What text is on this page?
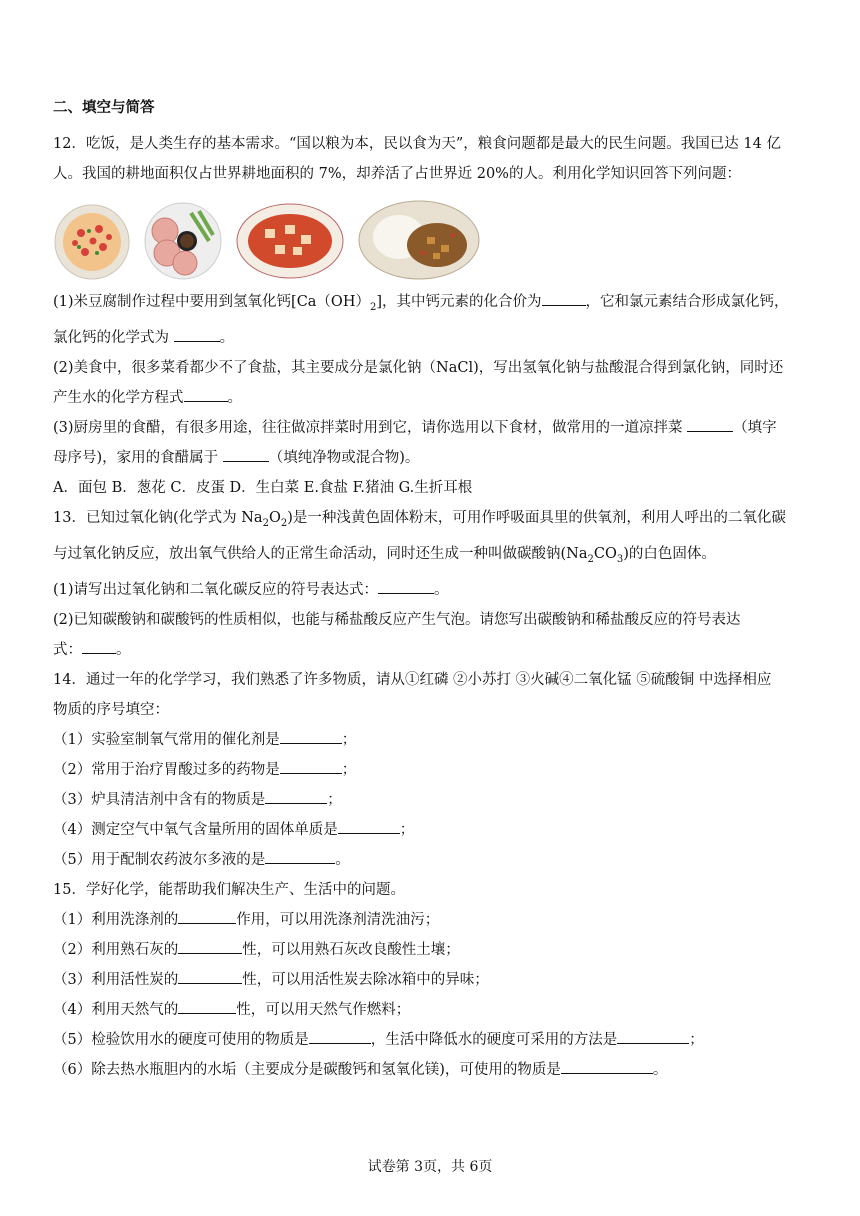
二、填空与简答

12．吃饭，是人类生存的基本需求。“国以粮为本，民以食为天”，粮食问题都是最大的民生问题。我国已达 14 亿

人。我国的耕地面积仅占世界耕地面积的 7%，却养活了占世界近 20%的人。利用化学知识回答下列问题：

(1)米豆腐制作过程中要用到氢氧化钙$[Ca(OH)_2]$，其中钙元素的化合价为	，它和氯元素结合形成氯化钙，

氯化钙的化学式为	。

(2)美食中，很多菜肴都少不了食盐，其主要成分是氯化钠（NaCl)，写出氢氧化钠与盐酸混合得到氯化钠，同时还

产生水的化学方程式	。

(3)厨房里的食醋，有很多用途，往往做凉拌菜时用到它，请你选用以下食材，做常用的一道凉拌菜	（填字

母序号)，家用的食醋属于	（填纯净物或混合物)。

A．面包 B．葱花 C．皮蛋 D．生白菜 E.食盐 F.猪油 G.生折耳根

13．已知过氧化钠(化学式为 $Na_2O_2$)是一种浅黄色固体粉末，可用作呼吸面具里的供氧剂，利用人呼出的二氧化碳

与过氧化钠反应，放出氧气供给人的正常生命活动，同时还生成一种叫做碳酸钠$(Na_2CO_3)$的白色固体。

(1)请写出过氧化钠和二氧化碳反应的符号表达式：	。

(2)已知碳酸钠和碳酸钙的性质相似，也能与稀盐酸反应产生气泡。请您写出碳酸钠和稀盐酸反应的符号表达

式： 。

14．通过一年的化学学习，我们熟悉了许多物质，请从①红磷 ②小苏打 ③火碱④二氧化锰 ⑤硫酸铜 中选择相应

物质的序号填空：

（1）实验室制氧气常用的催化剂是	；

（2）常用于治疗胃酸过多的药物是	；

（3）炉具清洁剂中含有的物质是	；

（4）测定空气中氧气含量所用的固体单质是	；

（5）用于配制农药波尔多液的是	。

15．学好化学，能帮助我们解决生产、生活中的问题。

（1）利用洗涤剂的	作用，可以用洗涤剂清洗油污；

（2）利用熟石灰的	性，可以用熟石灰改良酸性土壤；

（3）利用活性炭的	性，可以用活性炭去除冰箱中的异味；

（4）利用天然气的	性，可以用天然气作燃料；

（5）检验饮用水的硬度可使用的物质是	，生活中降低水的硬度可采用的方法是	；

（6）除去热水瓶胆内的水垢（主要成分是碳酸钙和氢氧化镁)，可使用的物质是	。

试卷第 3页，共 6页
